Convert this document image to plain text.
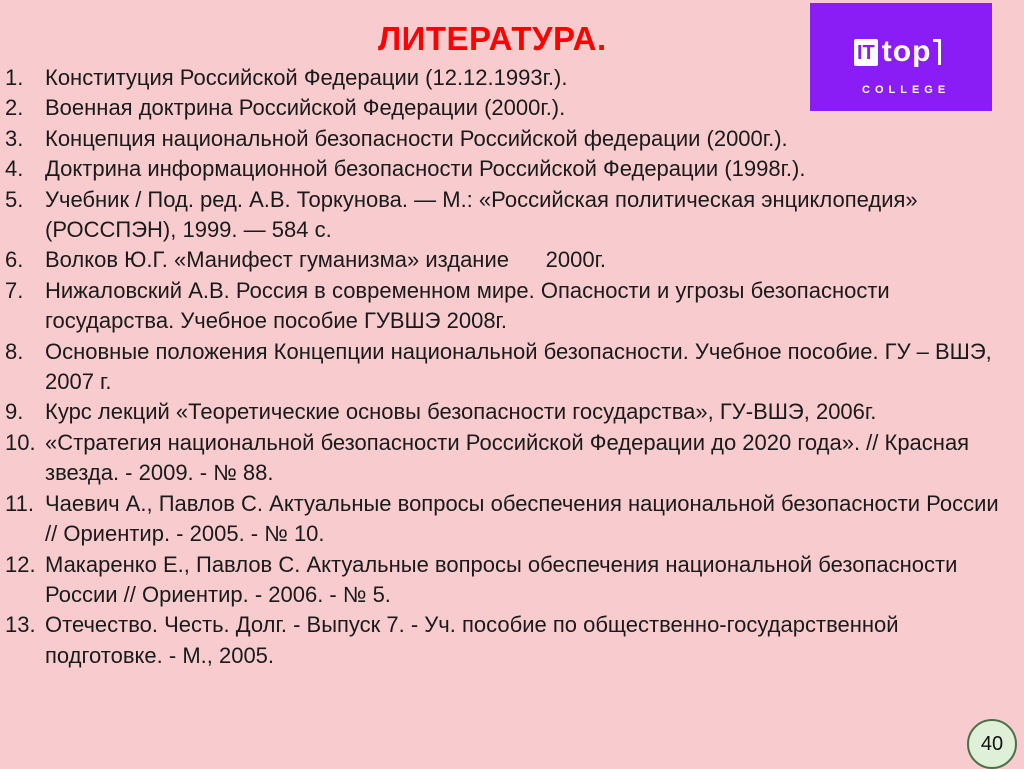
ЛИТЕРАТУРА.	IT top
COLLEGE
1. Конституция Российской Федерации (12.12.1993г.).
2. Военная доктрина Российской Федерации (2000г.).
3. Концепция национальной безопасности Российской федерации (2000г.).
4. Доктрина информационной безопасности Российской Федерации (1998г.).
5. Учебник / Под. ред. А.В. Торкунова. — М.: «Российская политическая энциклопедия» (РОССПЭН), 1999. — 584 с.
6. Волков Ю.Г. «Манифест гуманизма» издание      2000г.
7. Нижаловский А.В. Россия в современном мире. Опасности и угрозы безопасности государства. Учебное пособие ГУВШЭ 2008г.
8. Основные положения Концепции национальной безопасности. Учебное пособие. ГУ – ВШЭ, 2007 г.
9. Курс лекций «Теоретические основы безопасности государства», ГУ-ВШЭ, 2006г.
10. «Стратегия национальной безопасности Российской Федерации до 2020 года». // Красная звезда. - 2009. - № 88.
11. Чаевич А., Павлов С. Актуальные вопросы обеспечения национальной безопасности России // Ориентир. - 2005. - № 10.
12. Макаренко Е., Павлов С. Актуальные вопросы обеспечения национальной безопасности России // Ориентир. - 2006. - № 5.
13. Отечество. Честь. Долг. - Выпуск 7. - Уч. пособие по общественно-государственной подготовке. - М., 2005.
40
